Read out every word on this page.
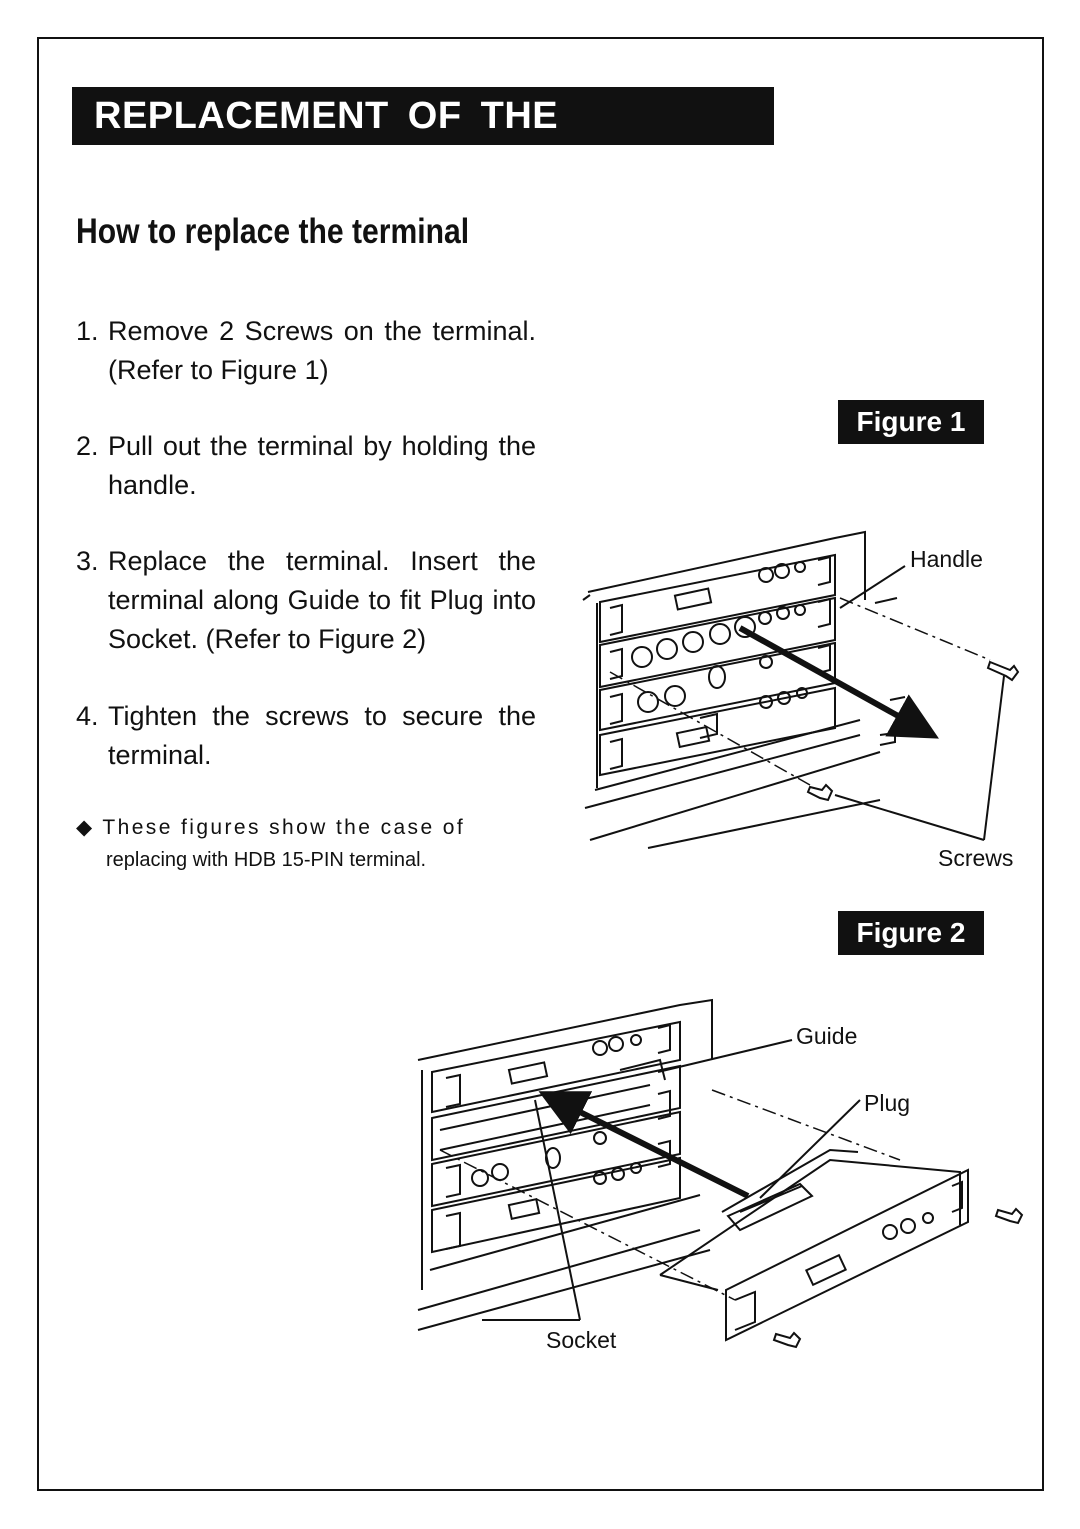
REPLACEMENT OF THE TERMINAL
How to replace the terminal
1. Remove 2 Screws on the terminal. (Refer to Figure 1)
2. Pull out the terminal by holding the handle.
3. Replace the terminal. Insert the terminal along Guide to fit Plug into Socket. (Refer to Figure 2)
4. Tighten the screws to secure the terminal.
◆ These figures show the case of
replacing with HDB 15-PIN terminal.
Figure 1
Figure 2
Handle
Screws
Guide
Plug
Socket
